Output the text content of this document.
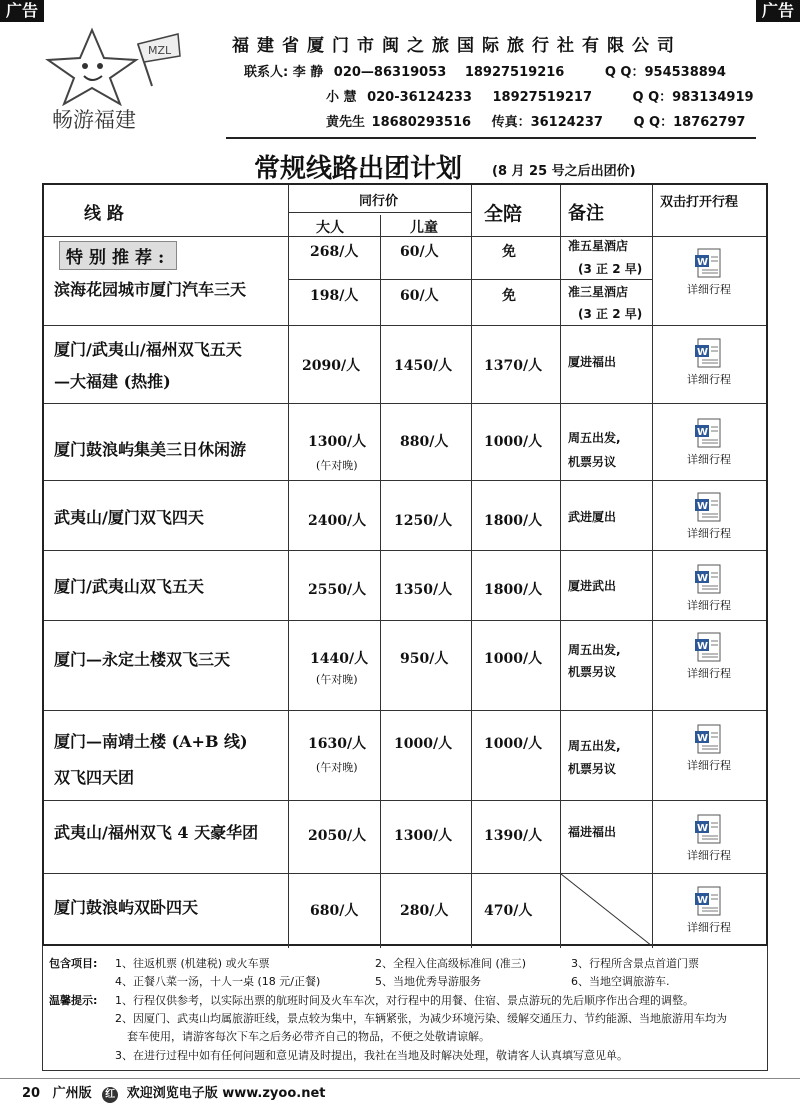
广告	广告
MZL
畅游福建
福建省厦门市闽之旅国际旅行社有限公司
联系人: 李 静 020—86319053 18927519216	Q Q：954538894
小 慧 020-36124233 18927519217	Q Q：983134919
黄先生 18680293516 传真：36124237 Q Q：18762797
常规线路出团计划 (8 月 25 号之后出团价)
线 路
同行价
大人	儿童
全陪	备注
双击打开行程
特别推荐:
滨海花园城市厦门汽车三天
268/人	60/人	免	准五星酒店
(3 正 2 早)
198/人	60/人	免	准三星酒店
(3 正 2 早)
W
详细行程
厦门/武夷山/福州双飞五天
—大福建 (热推)
2090/人 1450/人 1370/人 厦进福出
W
详细行程
厦门鼓浪屿集美三日休闲游	1300/人
(午对晚)
880/人	1000/人 周五出发,
机票另议
W
详细行程
武夷山/厦门双飞四天	2400/人 1250/人 1800/人 武进厦出
W
详细行程
厦门/武夷山双飞五天	2550/人 1350/人 1800/人 厦进武出
W
详细行程
厦门—永定土楼双飞三天	1440/人
(午对晚)
950/人	1000/人
周五出发,
机票另议
W
详细行程
厦门—南靖土楼 (A+B 线)
双飞四天团
1630/人
(午对晚)
1000/人 1000/人 周五出发,
机票另议
W
详细行程
武夷山/福州双飞 4 天豪华团	2050/人 1300/人 1390/人 福进福出	W
详细行程
厦门鼓浪屿双卧四天	680/人	280/人	470/人
W
详细行程
包含项目: 1、往返机票 (机建税) 或火车票	2、全程入住高级标准间 (准三)	3、行程所含景点首道门票
4、正餐八菜一汤，十人一桌 (18 元/正餐)	5、当地优秀导游服务	6、当地空调旅游车.
温馨提示: 1、行程仅供参考，以实际出票的航班时间及火车车次，对行程中的用餐、住宿、景点游玩的先后顺序作出合理的调整。
2、因厦门、武夷山均属旅游旺线，景点较为集中，车辆紧张，为减少环境污染、缓解交通压力、节约能源、当地旅游用车均为
套车使用，请游客每次下车之后务必带齐自己的物品，不便之处敬请谅解。
3、在进行过程中如有任何问题和意见请及时提出，我社在当地及时解决处理，敬请客人认真填写意见单。
20 广州版 红 欢迎浏览电子版 www.zyoo.net
